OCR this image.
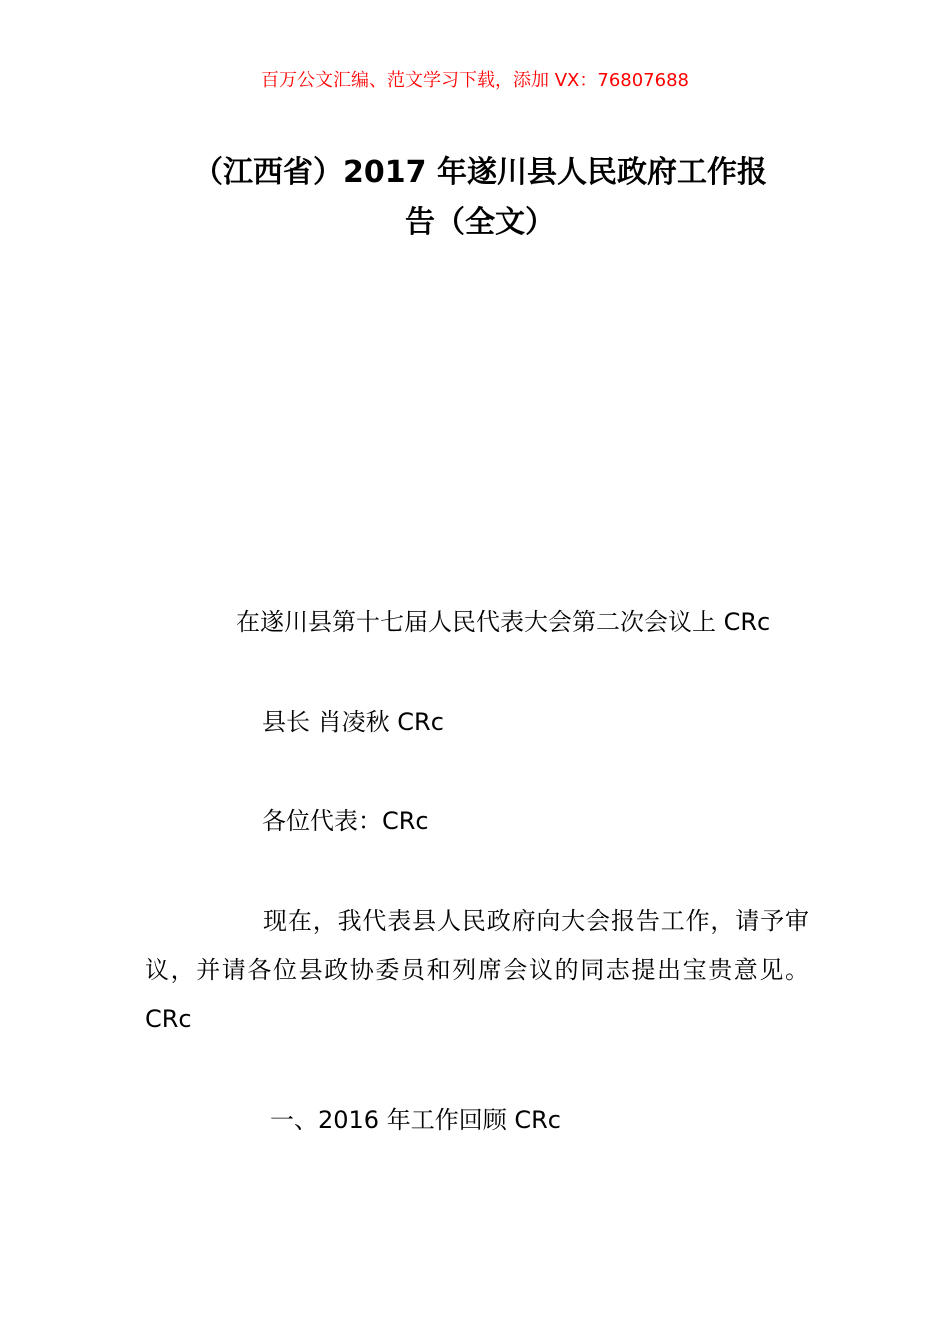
百万公文汇编、范文学习下载，添加 VX：76807688
（江西省）2017 年遂川县人民政府工作报
告（全文）
在遂川县第十七届人民代表大会第二次会议上 CRc
县长 肖凌秋 CRc
各位代表：CRc

现在，我代表县人民政府向大会报告工作，请予审议，并请各位县政协委员和列席会议的同志提出宝贵意见。CRc

一、2016 年工作回顾 CRc
